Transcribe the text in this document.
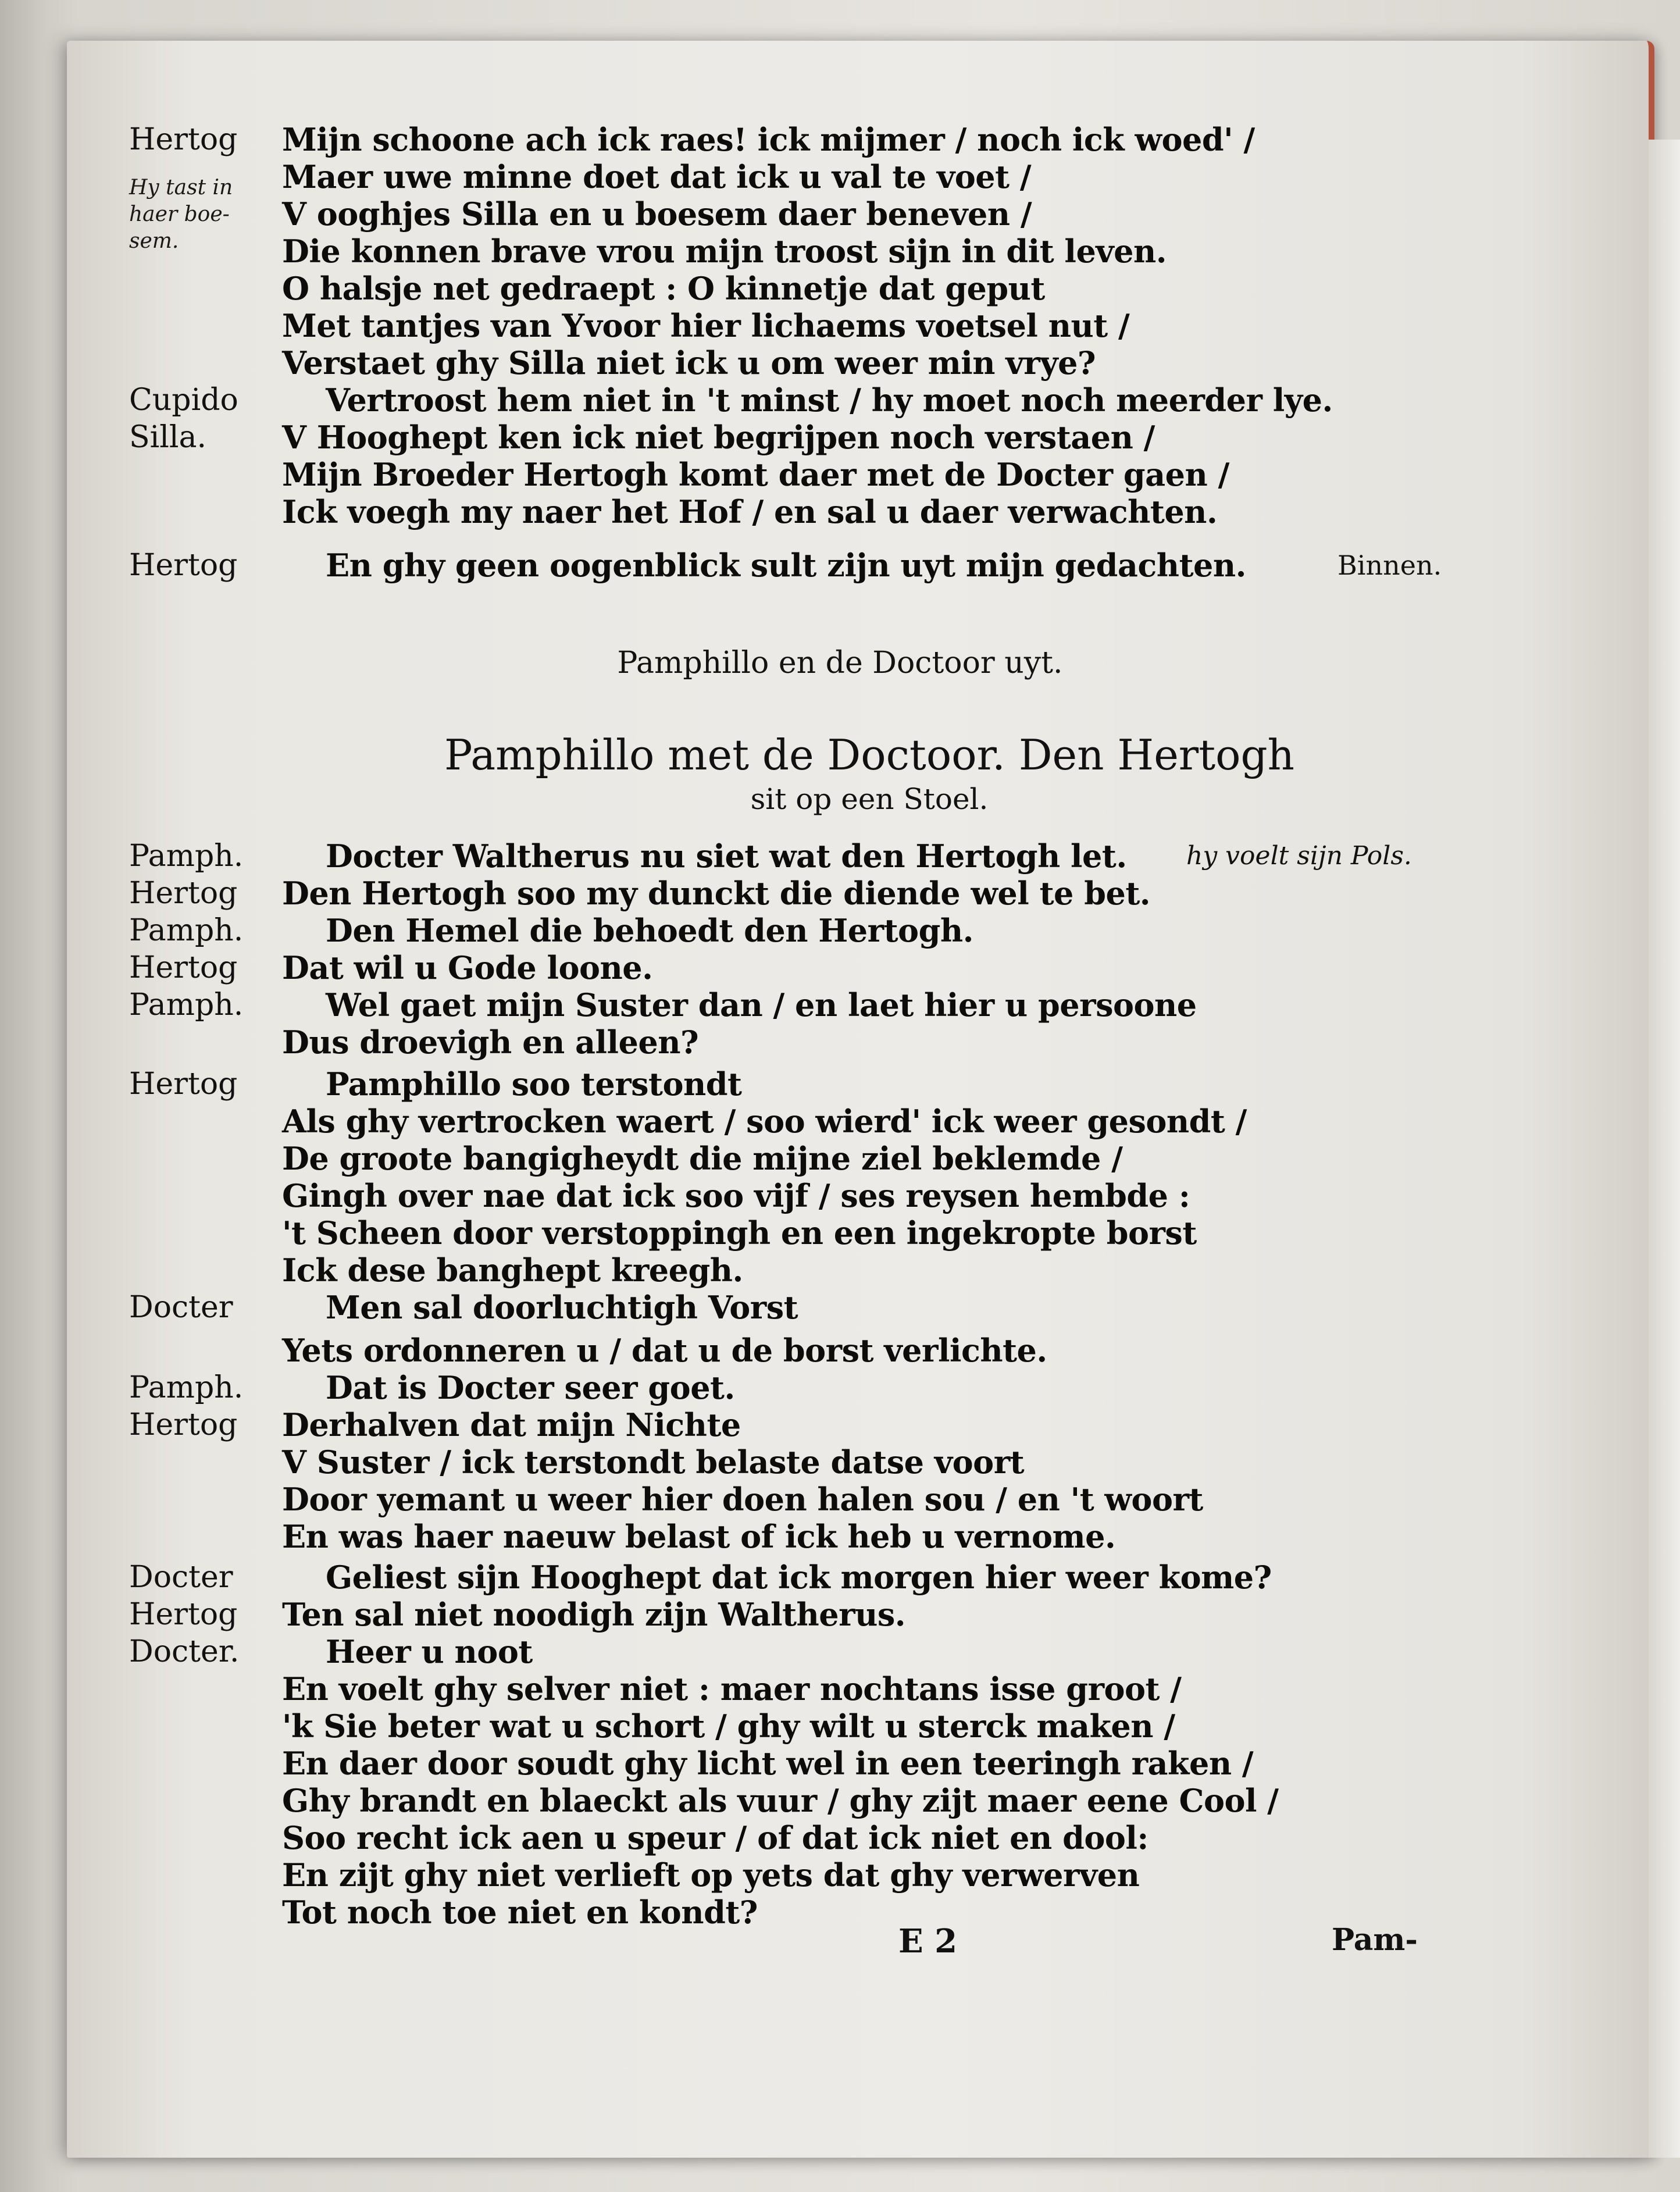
Hy tast in
haer boe-
sem.
Hertog Mijn schoone ach ick raes! ick mijmer / noch ick woed' /
Maer uwe minne doet dat ick u val te voet /
V ooghjes Silla en u boesem daer beneven /
Die konnen brave vrou mijn troost sijn in dit leven.
O halsje net gedraept : O kinnetje dat geput
Met tantjes van Yvoor hier lichaems voetsel nut /
Verstaet ghy Silla niet ick u om weer min vrye?
Cupido	Vertroost hem niet in 't minst / hy moet noch meerder lye.
Silla. V Hooghept ken ick niet begrijpen noch verstaen /
Mijn Broeder Hertogh komt daer met de Docter gaen /
Ick voegh my naer het Hof / en sal u daer verwachten.
Hertog	En ghy geen oogenblick sult zijn uyt mijn gedachten.	Binnen.
Pamphillo en de Doctoor uyt.
Pamphillo met de Doctoor. Den Hertogh
sit op een Stoel.
Pamph.	Docter Waltherus nu siet wat den Hertogh let. hy voelt sijn Pols.
Hertog Den Hertogh soo my dunckt die diende wel te bet.
Pamph.	Den Hemel die behoedt den Hertogh.
Hertog Dat wil u Gode loone.
Pamph.	Wel gaet mijn Suster dan / en laet hier u persoone
Dus droevigh en alleen?
Hertog	Pamphillo soo terstondt
Als ghy vertrocken waert / soo wierd' ick weer gesondt /
De groote bangigheydt die mijne ziel beklemde /
Gingh over nae dat ick soo vijf / ses reysen hembde :
't Scheen door verstoppingh en een ingekropte borst
Ick dese banghept kreegh.
Docter	Men sal doorluchtigh Vorst
Yets ordonneren u / dat u de borst verlichte.
Pamph.	Dat is Docter seer goet.
Hertog Derhalven dat mijn Nichte
V Suster / ick terstondt belaste datse voort
Door yemant u weer hier doen halen sou / en 't woort
En was haer naeuw belast of ick heb u vernome.
Docter	Geliest sijn Hooghept dat ick morgen hier weer kome?
Hertog Ten sal niet noodigh zijn Waltherus.
Docter.	Heer u noot
En voelt ghy selver niet : maer nochtans isse groot /
'k Sie beter wat u schort / ghy wilt u sterck maken /
En daer door soudt ghy licht wel in een teeringh raken /
Ghy brandt en blaeckt als vuur / ghy zijt maer eene Cool /
Soo recht ick aen u speur / of dat ick niet en dool:
En zijt ghy niet verlieft op yets dat ghy verwerven
Tot noch toe niet en kondt?
E 2	Pam-
